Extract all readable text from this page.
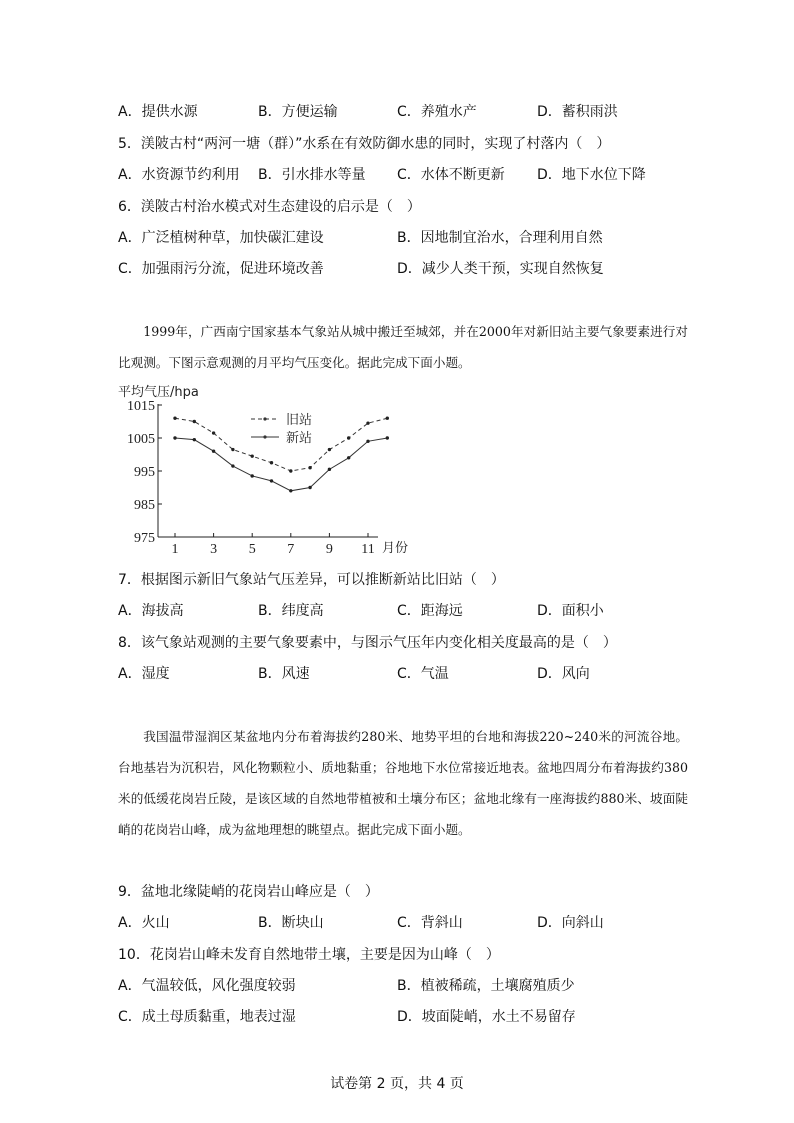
A．提供水源	B．方便运输	C．养殖水产	D．蓄积雨洪
5．渼陂古村“两河一塘（群）”水系在有效防御水患的同时，实现了村落内（　）
A．水资源节约利用 B．引水排水等量 C．水体不断更新 D．地下水位下降
6．渼陂古村治水模式对生态建设的启示是（　）
A．广泛植树种草，加快碳汇建设	B．因地制宜治水，合理利用自然
C．加强雨污分流，促进环境改善	D．减少人类干预，实现自然恢复

1999年，广西南宁国家基本气象站从城中搬迁至城郊，并在2000年对新旧站主要气象要素进行对比观测。下图示意观测的月平均气压变化。据此完成下面小题。

平均气压/hpa
月份
1015
1005
995
985
975
1 3 5 7 9 11
旧站
新站
7．根据图示新旧气象站气压差异，可以推断新站比旧站（　）
A．海拔高	B．纬度高	C．距海远	D．面积小
8．该气象站观测的主要气象要素中，与图示气压年内变化相关度最高的是（　）
A．湿度	B．风速	C．气温	D．风向

我国温带湿润区某盆地内分布着海拔约280米、地势平坦的台地和海拔220~240米的河流谷地。台地基岩为沉积岩，风化物颗粒小、质地黏重；谷地地下水位常接近地表。盆地四周分布着海拔约380米的低缓花岗岩丘陵，是该区域的自然地带植被和土壤分布区；盆地北缘有一座海拔约880米、坡面陡峭的花岗岩山峰，成为盆地理想的眺望点。据此完成下面小题。

9．盆地北缘陡峭的花岗岩山峰应是（　）
A．火山	B．断块山	C．背斜山	D．向斜山
10．花岗岩山峰未发育自然地带土壤，主要是因为山峰（　）
A．气温较低，风化强度较弱	B．植被稀疏，土壤腐殖质少
C．成土母质黏重，地表过湿	D．坡面陡峭，水土不易留存
试卷第 2 页，共 4 页
